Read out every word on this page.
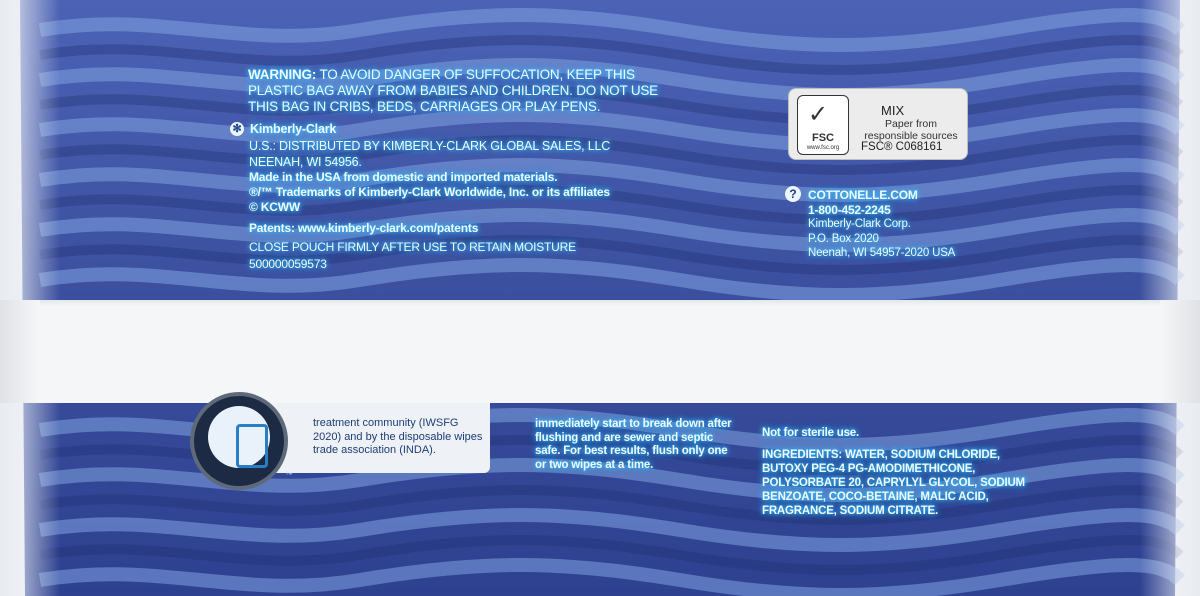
WARNING: TO AVOID DANGER OF SUFFOCATION, KEEP THIS PLASTIC BAG AWAY FROM BABIES AND CHILDREN. DO NOT USE THIS BAG IN CRIBS, BEDS, CARRIAGES OR PLAY PENS.
✻ Kimberly-Clark
U.S.: DISTRIBUTED BY KIMBERLY-CLARK GLOBAL SALES, LLC
NEENAH, WI 54956.
Made in the USA from domestic and imported materials.
®/™ Trademarks of Kimberly-Clark Worldwide, Inc. or its affiliates
© KCWW
Patents: www.kimberly-clark.com/patents
CLOSE POUCH FIRMLY AFTER USE TO RETAIN MOISTURE
500000059573
✓
FSC
www.fsc.org
MIX
Paper from responsible sources
FSC® C068161
? COTTONELLE.COM
1-800-452-2245
Kimberly-Clark Corp.
P.O. Box 2020
Neenah, WI 54957-2020 USA
treatment community (IWSFG 2020) and by the disposable wipes trade association (INDA).
™
immediately start to break down after flushing and are sewer and septic safe. For best results, flush only one or two wipes at a time.
Not for sterile use.
INGREDIENTS: WATER, SODIUM CHLORIDE, BUTOXY PEG-4 PG-AMODIMETHICONE, POLYSORBATE 20, CAPRYLYL GLYCOL, SODIUM BENZOATE, COCO-BETAINE, MALIC ACID, FRAGRANCE, SODIUM CITRATE.
